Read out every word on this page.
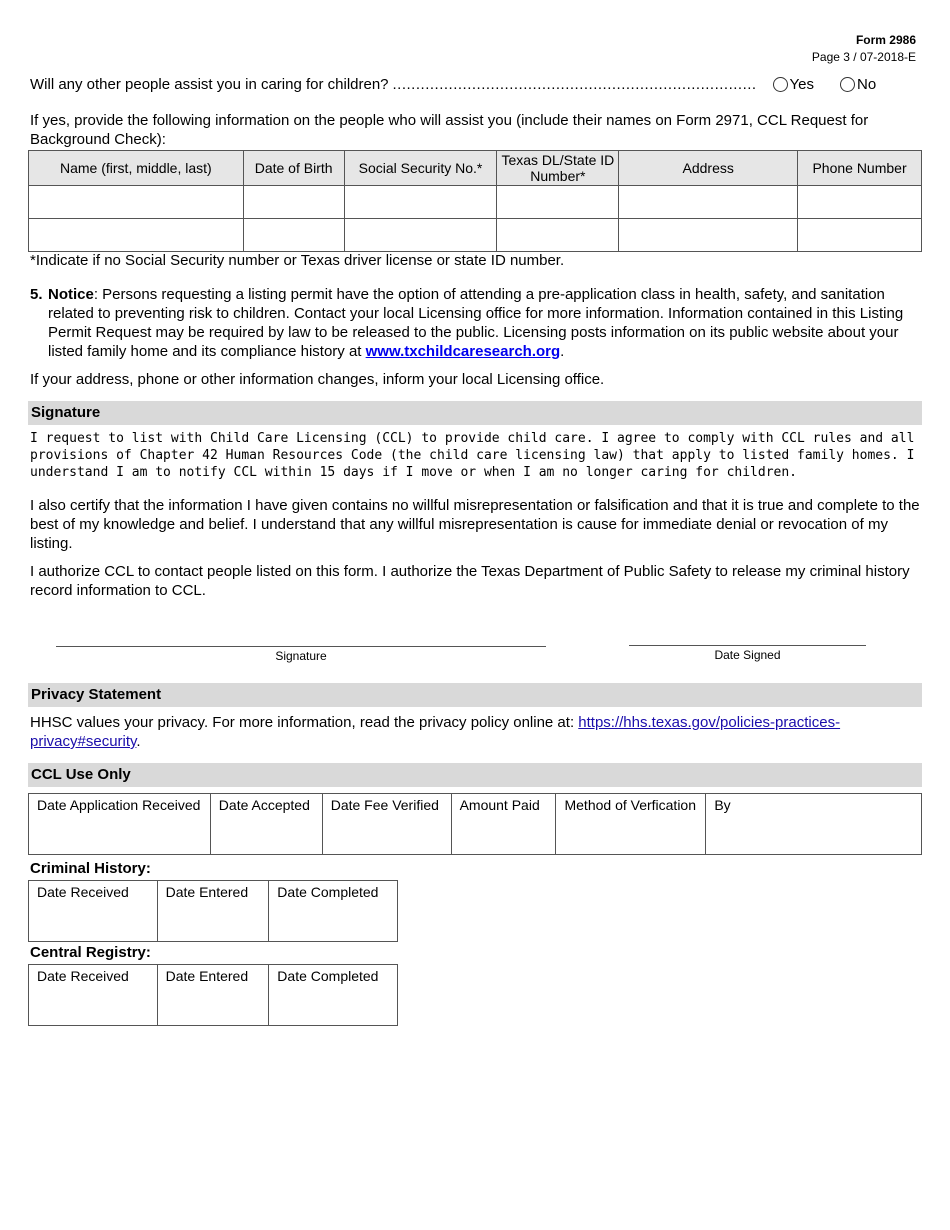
Form 2986
Page 3 / 07-2018-E
Will any other people assist you in caring for children? ..............................................................................	Yes	No
If yes, provide the following information on the people who will assist you (include their names on Form 2971, CCL Request for Background Check):
Name (first, middle, last)	Date of Birth	Social Security No.*	Texas DL/State ID Number*	Address	Phone Number

*Indicate if no Social Security number or Texas driver license or state ID number.
5. Notice: Persons requesting a listing permit have the option of attending a pre-application class in health, safety, and sanitation related to preventing risk to children. Contact your local Licensing office for more information. Information contained in this Listing Permit Request may be required by law to be released to the public. Licensing posts information on its public website about your listed family home and its compliance history at www.txchildcaresearch.org.
If your address, phone or other information changes, inform your local Licensing office.
Signature
I request to list with Child Care Licensing (CCL) to provide child care. I agree to comply with CCL rules and all provisions of Chapter 42 Human Resources Code (the child care licensing law) that apply to listed family homes. I understand I am to notify CCL within 15 days if I move or when I am no longer caring for children.
I also certify that the information I have given contains no willful misrepresentation or falsification and that it is true and complete to the best of my knowledge and belief. I understand that any willful misrepresentation is cause for immediate denial or revocation of my listing.
I authorize CCL to contact people listed on this form. I authorize the Texas Department of Public Safety to release my criminal history record information to CCL.
Signature	Date Signed
Privacy Statement
HHSC values your privacy. For more information, read the privacy policy online at: https://hhs.texas.gov/policies-practices-privacy#security.
CCL Use Only
Date Application Received	Date Accepted	Date Fee Verified	Amount Paid	Method of Verfication	By
Criminal History:
Date Received	Date Entered	Date Completed
Central Registry:
Date Received	Date Entered	Date Completed
